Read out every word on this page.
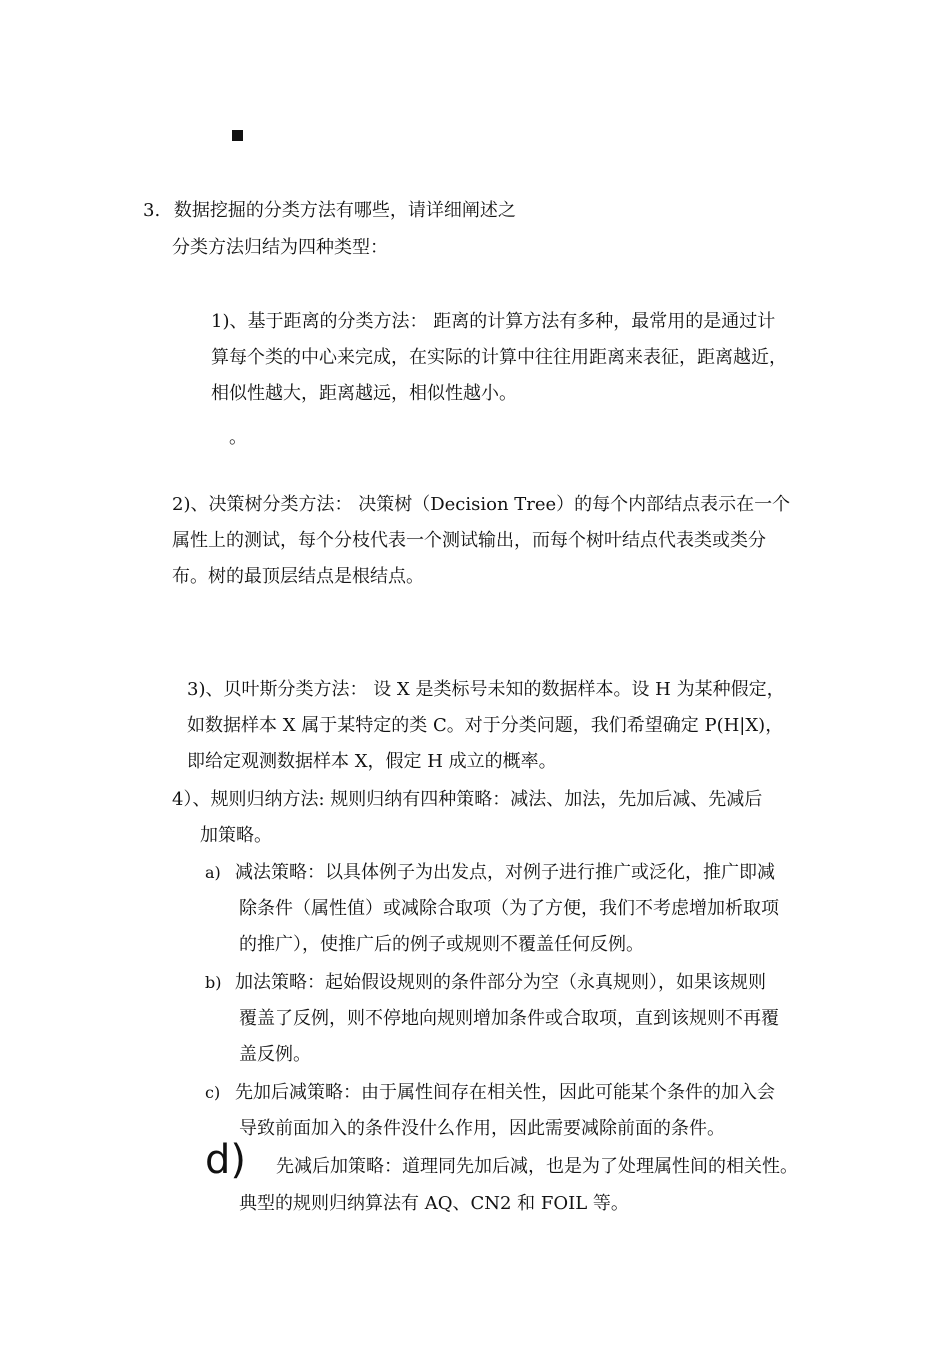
3. 数据挖掘的分类方法有哪些，请详细阐述之
分类方法归结为四种类型：
1)、基于距离的分类方法： 距离的计算方法有多种，最常用的是通过计
算每个类的中心来完成，在实际的计算中往往用距离来表征，距离越近，
相似性越大，距离越远，相似性越小。
。
2)、决策树分类方法： 决策树（Decision Tree）的每个内部结点表示在一个
属性上的测试，每个分枝代表一个测试输出，而每个树叶结点代表类或类分
布。树的最顶层结点是根结点。
3)、贝叶斯分类方法： 设 X 是类标号未知的数据样本。设 H 为某种假定，
如数据样本 X 属于某特定的类 C。对于分类问题，我们希望确定 P(H|X)，
即给定观测数据样本 X，假定 H 成立的概率。
4）、规则归纳方法: 规则归纳有四种策略：减法、加法，先加后减、先减后
加策略。
a) 减法策略：以具体例子为出发点，对例子进行推广或泛化，推广即减
除条件（属性值）或减除合取项（为了方便，我们不考虑增加析取项
的推广），使推广后的例子或规则不覆盖任何反例。
b) 加法策略：起始假设规则的条件部分为空（永真规则），如果该规则
覆盖了反例，则不停地向规则增加条件或合取项，直到该规则不再覆
盖反例。
c) 先加后减策略：由于属性间存在相关性，因此可能某个条件的加入会
导致前面加入的条件没什么作用，因此需要减除前面的条件。
d) 先减后加策略：道理同先加后减，也是为了处理属性间的相关性。
典型的规则归纳算法有 AQ、CN2 和 FOIL 等。
